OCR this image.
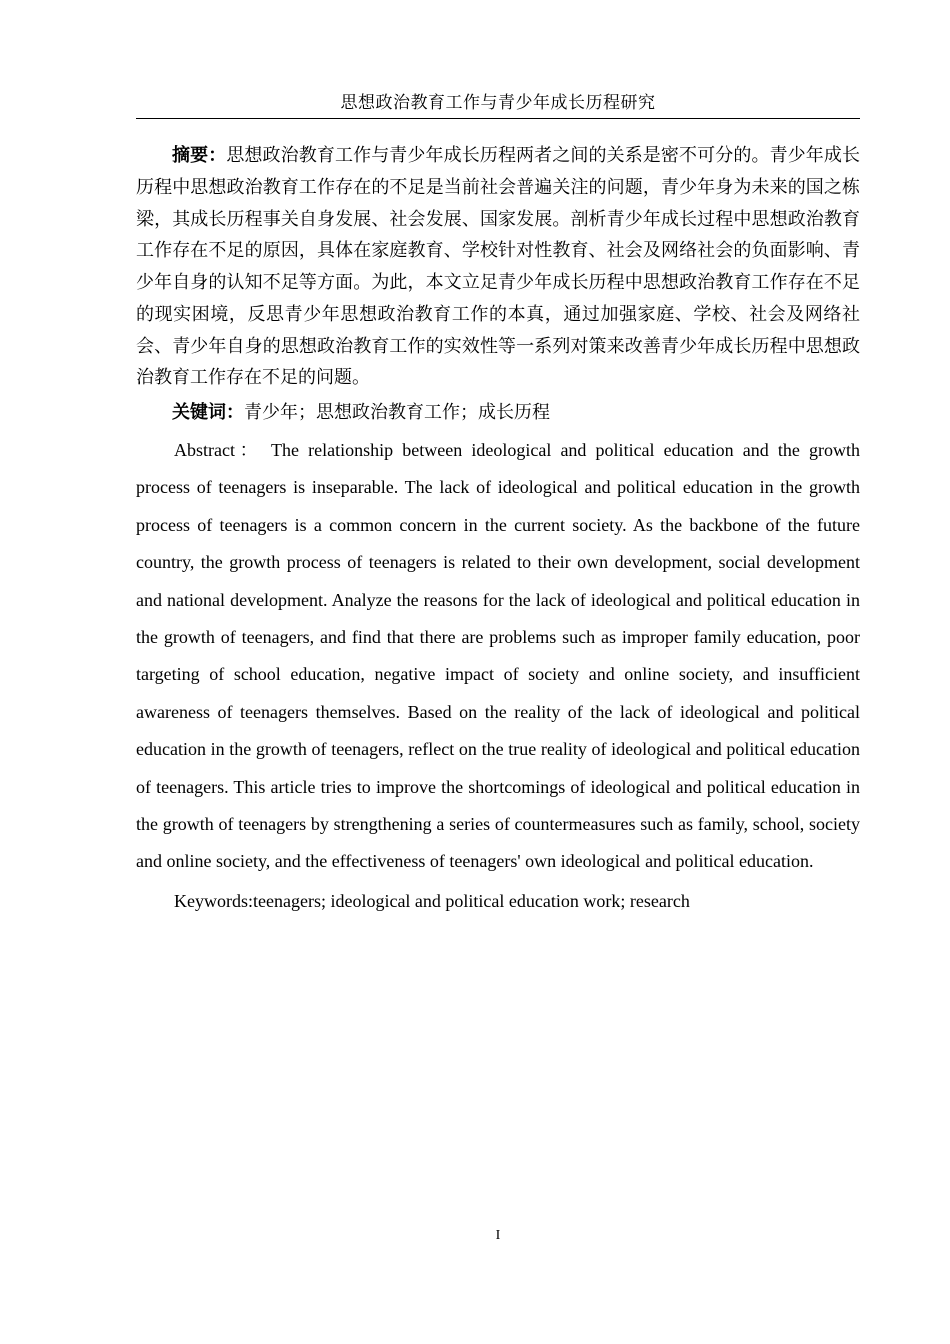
思想政治教育工作与青少年成长历程研究

摘要：思想政治教育工作与青少年成长历程两者之间的关系是密不可分的。青少年成长历程中思想政治教育工作存在的不足是当前社会普遍关注的问题，青少年身为未来的国之栋梁，其成长历程事关自身发展、社会发展、国家发展。剖析青少年成长过程中思想政治教育工作存在不足的原因，具体在家庭教育、学校针对性教育、社会及网络社会的负面影响、青少年自身的认知不足等方面。为此，本文立足青少年成长历程中思想政治教育工作存在不足的现实困境，反思青少年思想政治教育工作的本真，通过加强家庭、学校、社会及网络社会、青少年自身的思想政治教育工作的实效性等一系列对策来改善青少年成长历程中思想政治教育工作存在不足的问题。

关键词：青少年；思想政治教育工作；成长历程

Abstract： The relationship between ideological and political education and the growth process of teenagers is inseparable. The lack of ideological and political education in the growth process of teenagers is a common concern in the current society. As the backbone of the future country, the growth process of teenagers is related to their own development, social development and national development. Analyze the reasons for the lack of ideological and political education in the growth of teenagers, and find that there are problems such as improper family education, poor targeting of school education, negative impact of society and online society, and insufficient awareness of teenagers themselves. Based on the reality of the lack of ideological and political education in the growth of teenagers, reflect on the true reality of ideological and political education of teenagers. This article tries to improve the shortcomings of ideological and political education in the growth of teenagers by strengthening a series of countermeasures such as family, school, society and online society, and the effectiveness of teenagers' own ideological and political education.

Keywords:teenagers; ideological and political education work; research

I
